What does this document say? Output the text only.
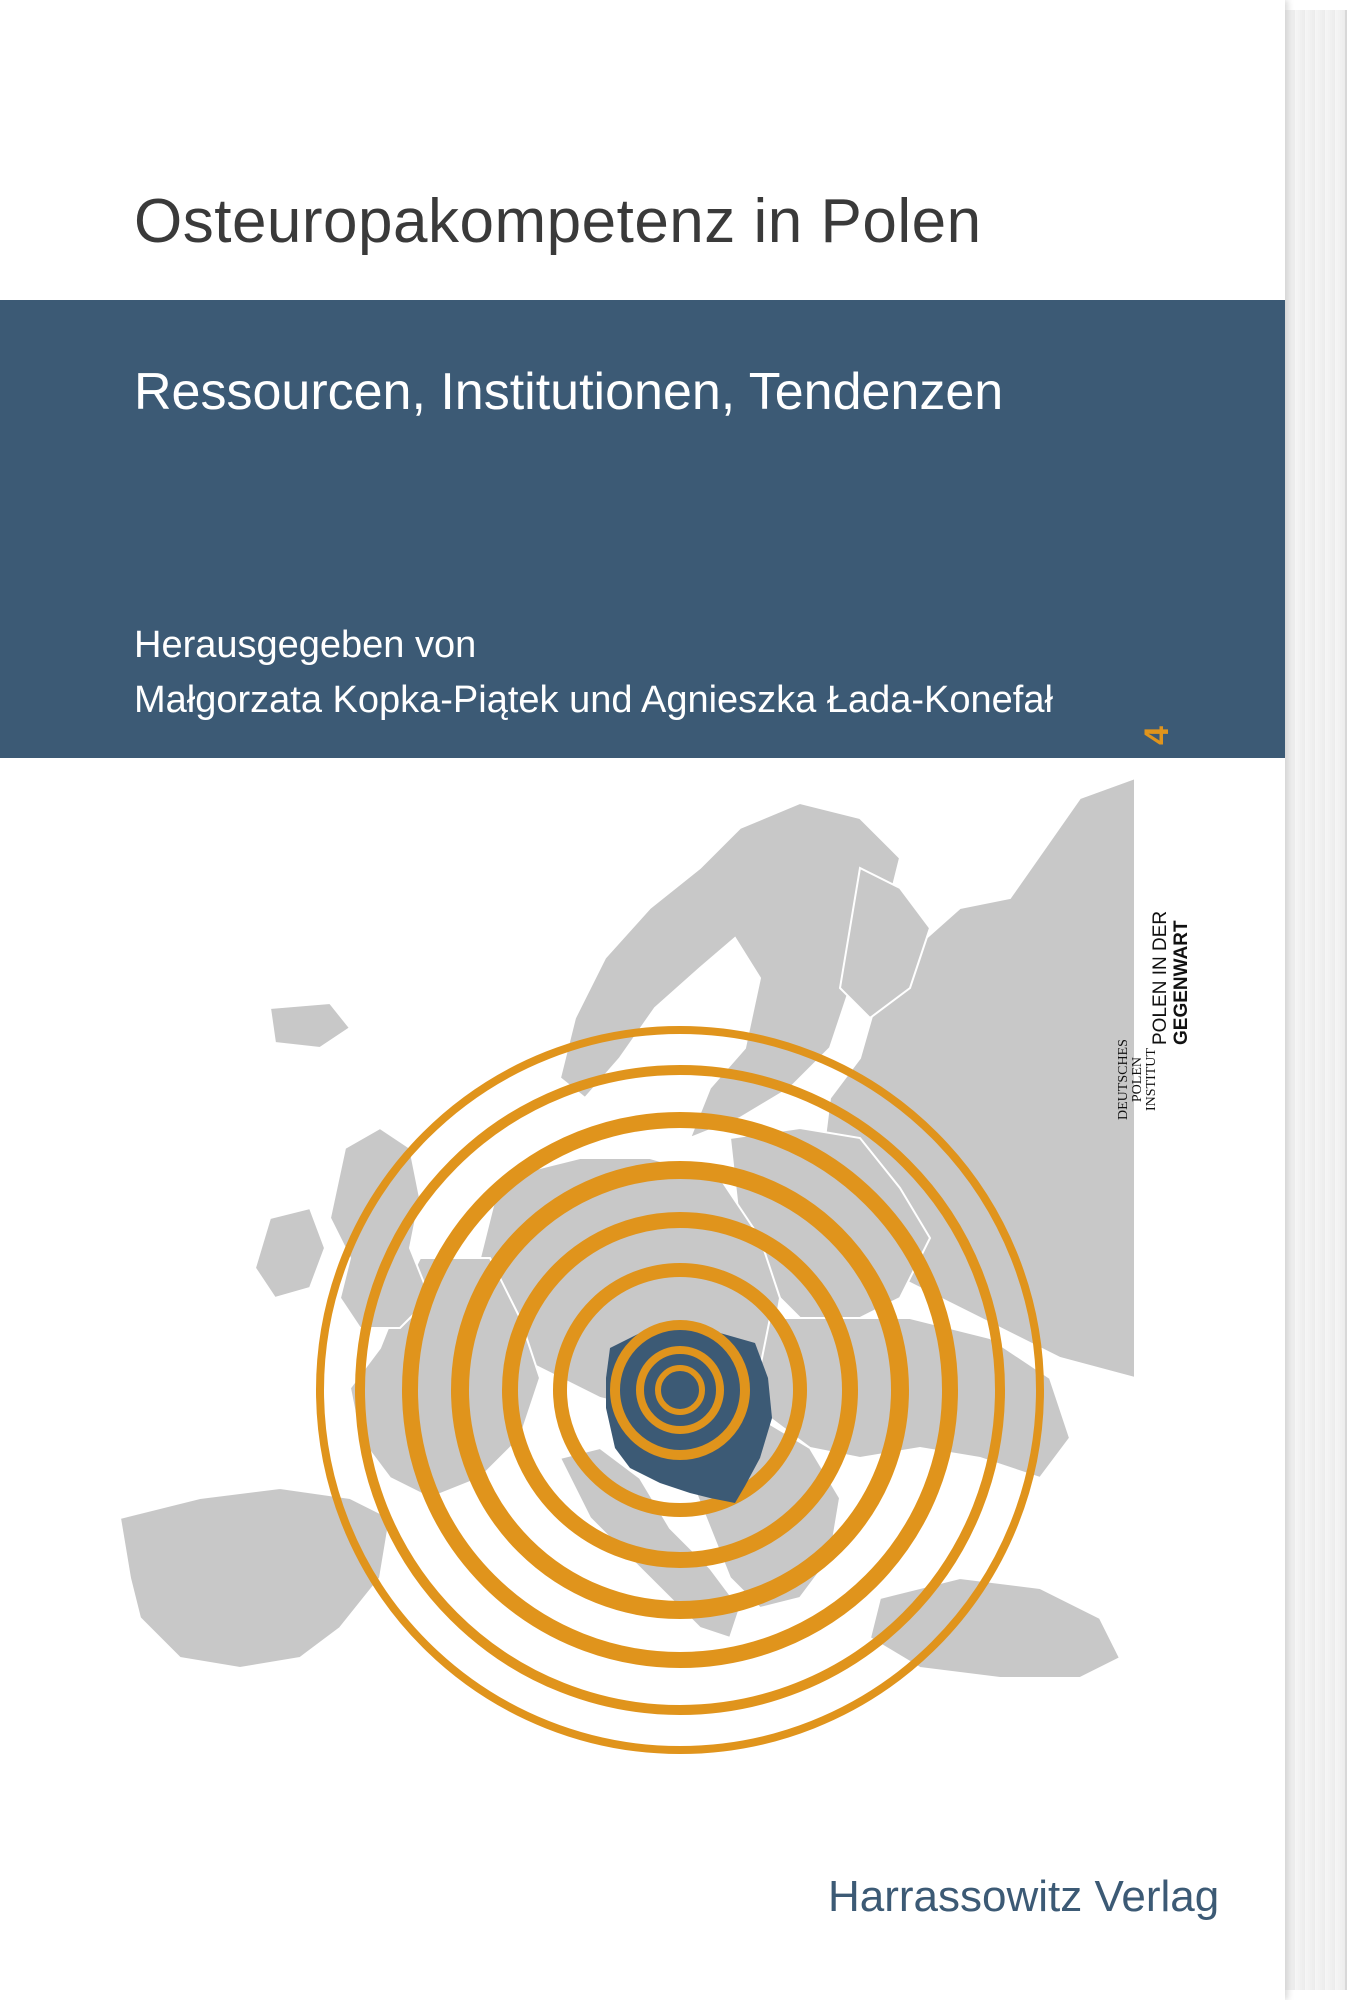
Osteuropakompetenz in Polen
Ressourcen, Institutionen, Tendenzen
Herausgegeben von
Małgorzata Kopka-Piątek und Agnieszka Łada-Konefał
4
POLEN IN DER GEGENWART
DEUTSCHES POLEN INSTITUT
Harrassowitz Verlag
